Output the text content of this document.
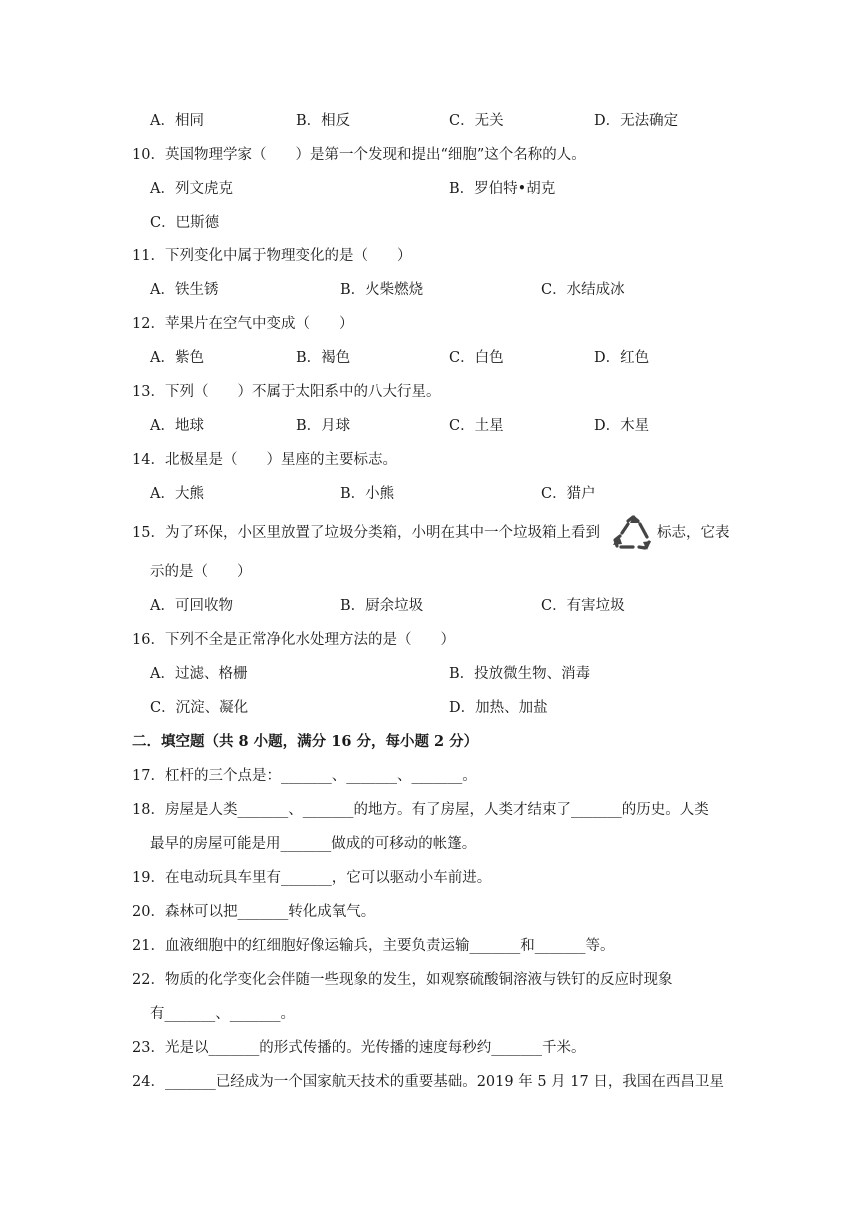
A．相同	B．相反	C．无关	D．无法确定
10．英国物理学家（　　）是第一个发现和提出“细胞”这个名称的人。
A．列文虎克	B．罗伯特•胡克
C．巴斯德
11．下列变化中属于物理变化的是（　　）
A．铁生锈	B．火柴燃烧	C．水结成冰
12．苹果片在空气中变成（　　）
A．紫色	B．褐色	C．白色	D．红色
13．下列（　　）不属于太阳系中的八大行星。
A．地球	B．月球	C．土星	D．木星
14．北极星是（　　）星座的主要标志。
A．大熊	B．小熊	C．猎户
15．为了环保，小区里放置了垃圾分类箱，小明在其中一个垃圾箱上看到	标志，它表
示的是（　　）
A．可回收物	B．厨余垃圾	C．有害垃圾
16．下列不全是正常净化水处理方法的是（　　）
A．过滤、格栅	B．投放微生物、消毒
C．沉淀、凝化	D．加热、加盐
二．填空题（共 8 小题，满分 16 分，每小题 2 分）
17．杠杆的三个点是：_______、_______、_______。
18．房屋是人类_______、_______的地方。有了房屋，人类才结束了_______的历史。人类
最早的房屋可能是用_______做成的可移动的帐篷。
19．在电动玩具车里有_______，它可以驱动小车前进。
20．森林可以把_______转化成氧气。
21．血液细胞中的红细胞好像运输兵，主要负责运输_______和_______等。
22．物质的化学变化会伴随一些现象的发生，如观察硫酸铜溶液与铁钉的反应时现象
有_______、_______。
23．光是以_______的形式传播的。光传播的速度每秒约_______千米。
24．_______已经成为一个国家航天技术的重要基础。2019 年 5 月 17 日，我国在西昌卫星
